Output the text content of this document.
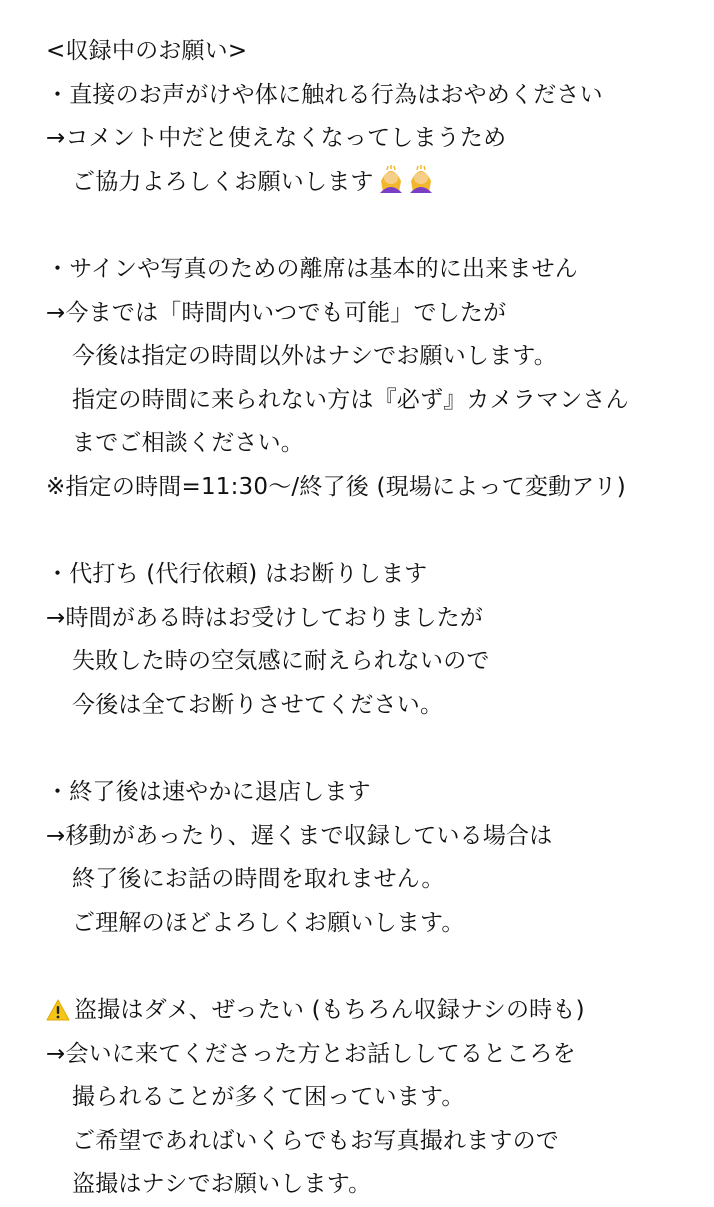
<収録中のお願い>
・直接のお声がけや体に触れる行為はおやめください
→コメント中だと使えなくなってしまうため
ご協力よろしくお願いします
・サインや写真のための離席は基本的に出来ません
→今までは「時間内いつでも可能」でしたが
今後は指定の時間以外はナシでお願いします。
指定の時間に来られない方は『必ず』カメラマンさん
までご相談ください。
※指定の時間=11:30〜/終了後 (現場によって変動アリ)
・代打ち (代行依頼) はお断りします
→時間がある時はお受けしておりましたが
失敗した時の空気感に耐えられないので
今後は全てお断りさせてください。
・終了後は速やかに退店します
→移動があったり、遅くまで収録している場合は
終了後にお話の時間を取れません。
ご理解のほどよろしくお願いします。
盗撮はダメ、ぜったい (もちろん収録ナシの時も)
→会いに来てくださった方とお話ししてるところを
撮られることが多くて困っています。
ご希望であればいくらでもお写真撮れますので
盗撮はナシでお願いします。
